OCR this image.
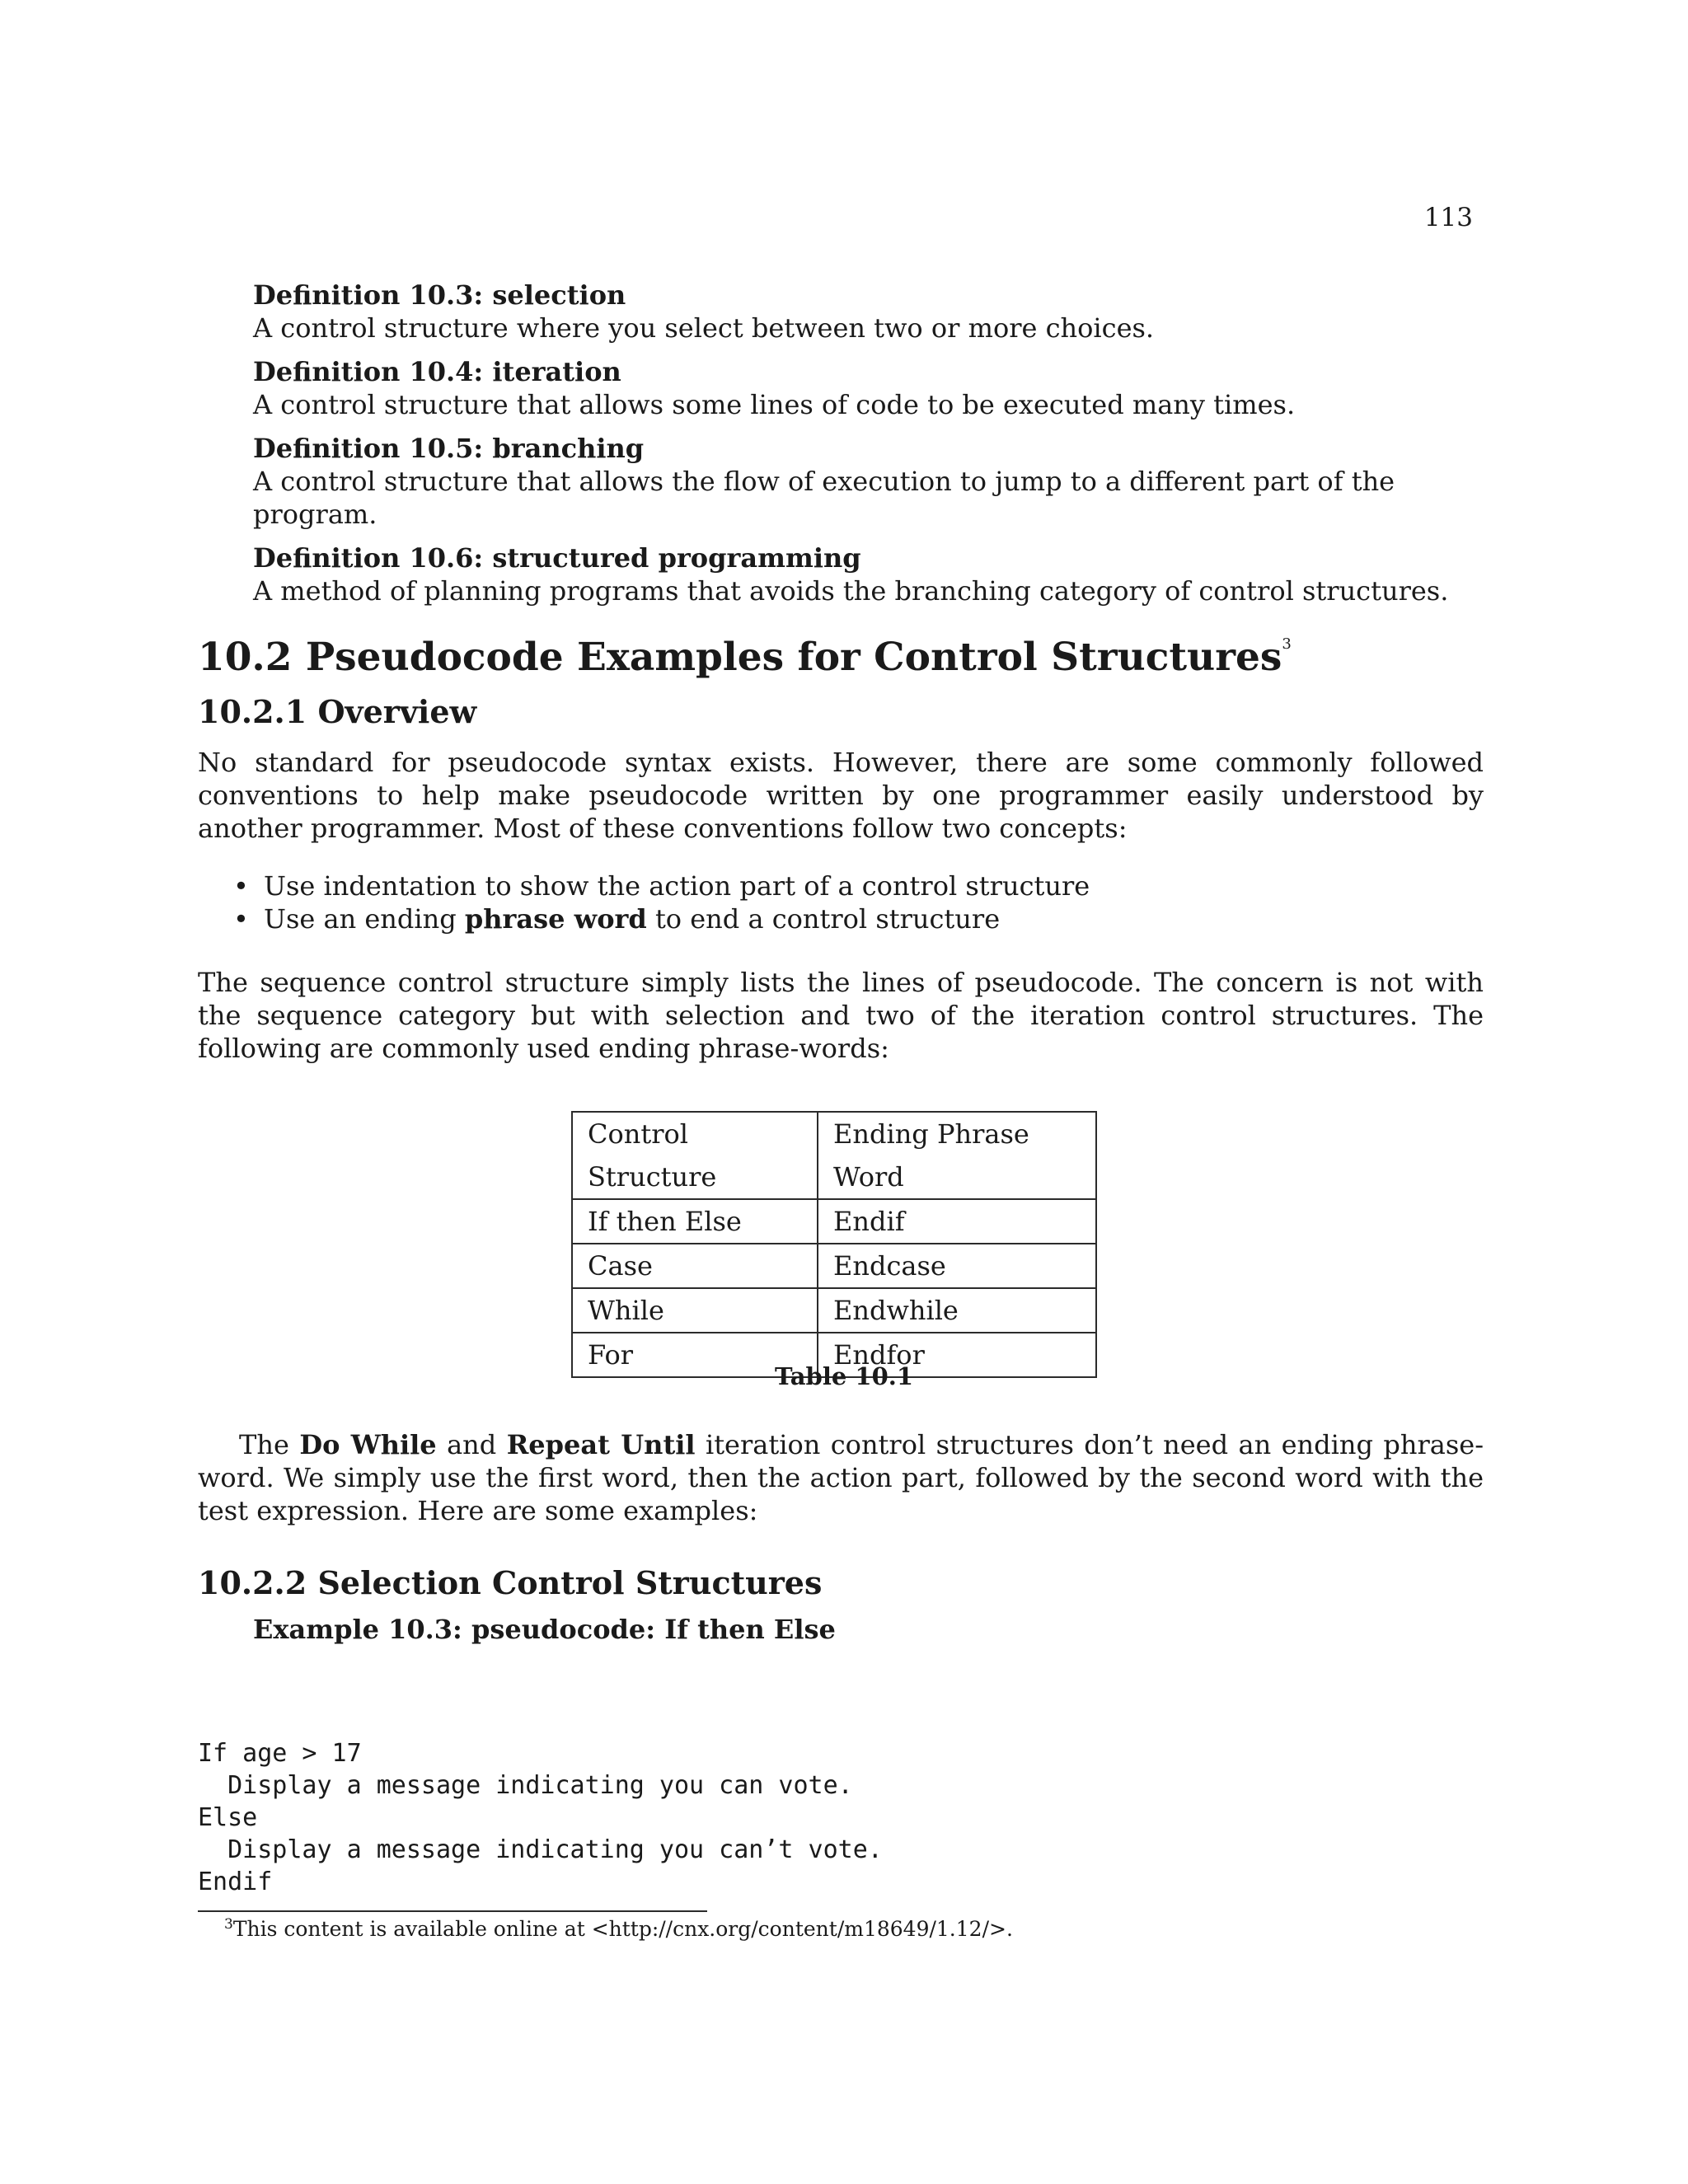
113
Definition 10.3: selection
A control structure where you select between two or more choices.
Definition 10.4: iteration
A control structure that allows some lines of code to be executed many times.
Definition 10.5: branching
A control structure that allows the flow of execution to jump to a different part of the program.
Definition 10.6: structured programming
A method of planning programs that avoids the branching category of control structures.
10.2 Pseudocode Examples for Control Structures$^3$
10.2.1 Overview

No standard for pseudocode syntax exists. However, there are some commonly followed conventions to help make pseudocode written by one programmer easily understood by another programmer. Most of these conventions follow two concepts:

• Use indentation to show the action part of a control structure
• Use an ending phrase word to end a control structure

The sequence control structure simply lists the lines of pseudocode. The concern is not with the sequence category but with selection and two of the iteration control structures. The following are commonly used ending phrase-words:

Control Structure	Ending Phrase Word
If then Else	Endif
Case	Endcase
While	Endwhile
For	Endfor
Table 10.1

The Do While and Repeat Until iteration control structures don’t need an ending phrase-word. We simply use the first word, then the action part, followed by the second word with the test expression. Here are some examples:

10.2.2 Selection Control Structures
Example 10.3: pseudocode: If then Else
If age > 17
Display a message indicating you can vote.
Else
Display a message indicating you can’t vote.
Endif
$^3$This content is available online at <http://cnx.org/content/m18649/1.12/>.
